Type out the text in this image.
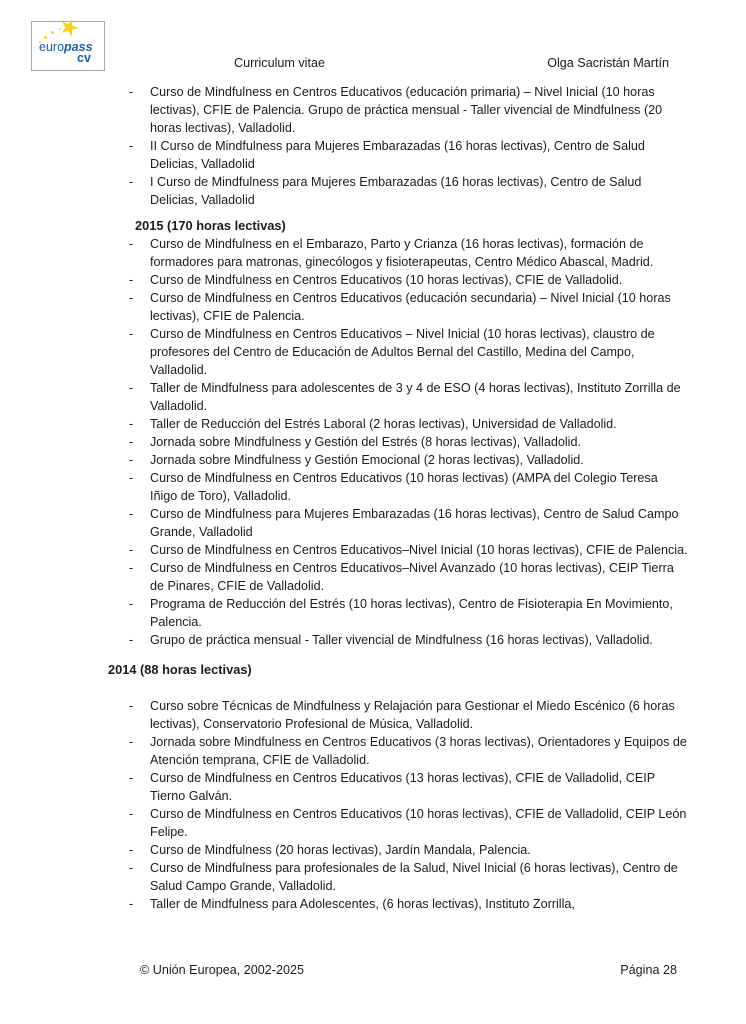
★
europass
cv	Curriculum vitae	Olga Sacristán Martín
- Curso de Mindfulness en Centros Educativos (educación primaria) – Nivel Inicial (10 horas lectivas), CFIE de Palencia. Grupo de práctica mensual - Taller vivencial de Mindfulness (20 horas lectivas), Valladolid.
- II Curso de Mindfulness para Mujeres Embarazadas (16 horas lectivas), Centro de Salud Delicias, Valladolid
- I Curso de Mindfulness para Mujeres Embarazadas (16 horas lectivas), Centro de Salud Delicias, Valladolid
2015 (170 horas lectivas)
- Curso de Mindfulness en el Embarazo, Parto y Crianza (16 horas lectivas), formación de formadores para matronas, ginecólogos y fisioterapeutas, Centro Médico Abascal, Madrid.
- Curso de Mindfulness en Centros Educativos (10 horas lectivas), CFIE de Valladolid.
- Curso de Mindfulness en Centros Educativos (educación secundaria) – Nivel Inicial (10 horas lectivas), CFIE de Palencia.
- Curso de Mindfulness en Centros Educativos – Nivel Inicial (10 horas lectivas), claustro de profesores del Centro de Educación de Adultos Bernal del Castillo, Medina del Campo, Valladolid.
- Taller de Mindfulness para adolescentes de 3 y 4 de ESO (4 horas lectivas), Instituto Zorrilla de Valladolid.
- Taller de Reducción del Estrés Laboral (2 horas lectivas), Universidad de Valladolid.
- Jornada sobre Mindfulness y Gestión del Estrés (8 horas lectivas), Valladolid.
- Jornada sobre Mindfulness y Gestión Emocional (2 horas lectivas), Valladolid.
- Curso de Mindfulness en Centros Educativos (10 horas lectivas) (AMPA del Colegio Teresa Iñigo de Toro), Valladolid.
- Curso de Mindfulness para Mujeres Embarazadas (16 horas lectivas), Centro de Salud Campo Grande, Valladolid
- Curso de Mindfulness en Centros Educativos–Nivel Inicial (10 horas lectivas), CFIE de Palencia.
- Curso de Mindfulness en Centros Educativos–Nivel Avanzado (10 horas lectivas), CEIP Tierra de Pinares, CFIE de Valladolid.
- Programa de Reducción del Estrés (10 horas lectivas), Centro de Fisioterapia En Movimiento, Palencia.
- Grupo de práctica mensual - Taller vivencial de Mindfulness (16 horas lectivas), Valladolid.
2014 (88 horas lectivas)
- Curso sobre Técnicas de Mindfulness y Relajación para Gestionar el Miedo Escénico (6 horas lectivas), Conservatorio Profesional de Música, Valladolid.
- Jornada sobre Mindfulness en Centros Educativos (3 horas lectivas), Orientadores y Equipos de Atención temprana, CFIE de Valladolid.
- Curso de Mindfulness en Centros Educativos (13 horas lectivas), CFIE de Valladolid, CEIP Tierno Galván.
- Curso de Mindfulness en Centros Educativos (10 horas lectivas), CFIE de Valladolid, CEIP León Felipe.
- Curso de Mindfulness (20 horas lectivas), Jardín Mandala, Palencia.
- Curso de Mindfulness para profesionales de la Salud, Nivel Inicial (6 horas lectivas), Centro de Salud Campo Grande, Valladolid.
- Taller de Mindfulness para Adolescentes, (6 horas lectivas), Instituto Zorrilla,
© Unión Europea, 2002-2025	Página 28
